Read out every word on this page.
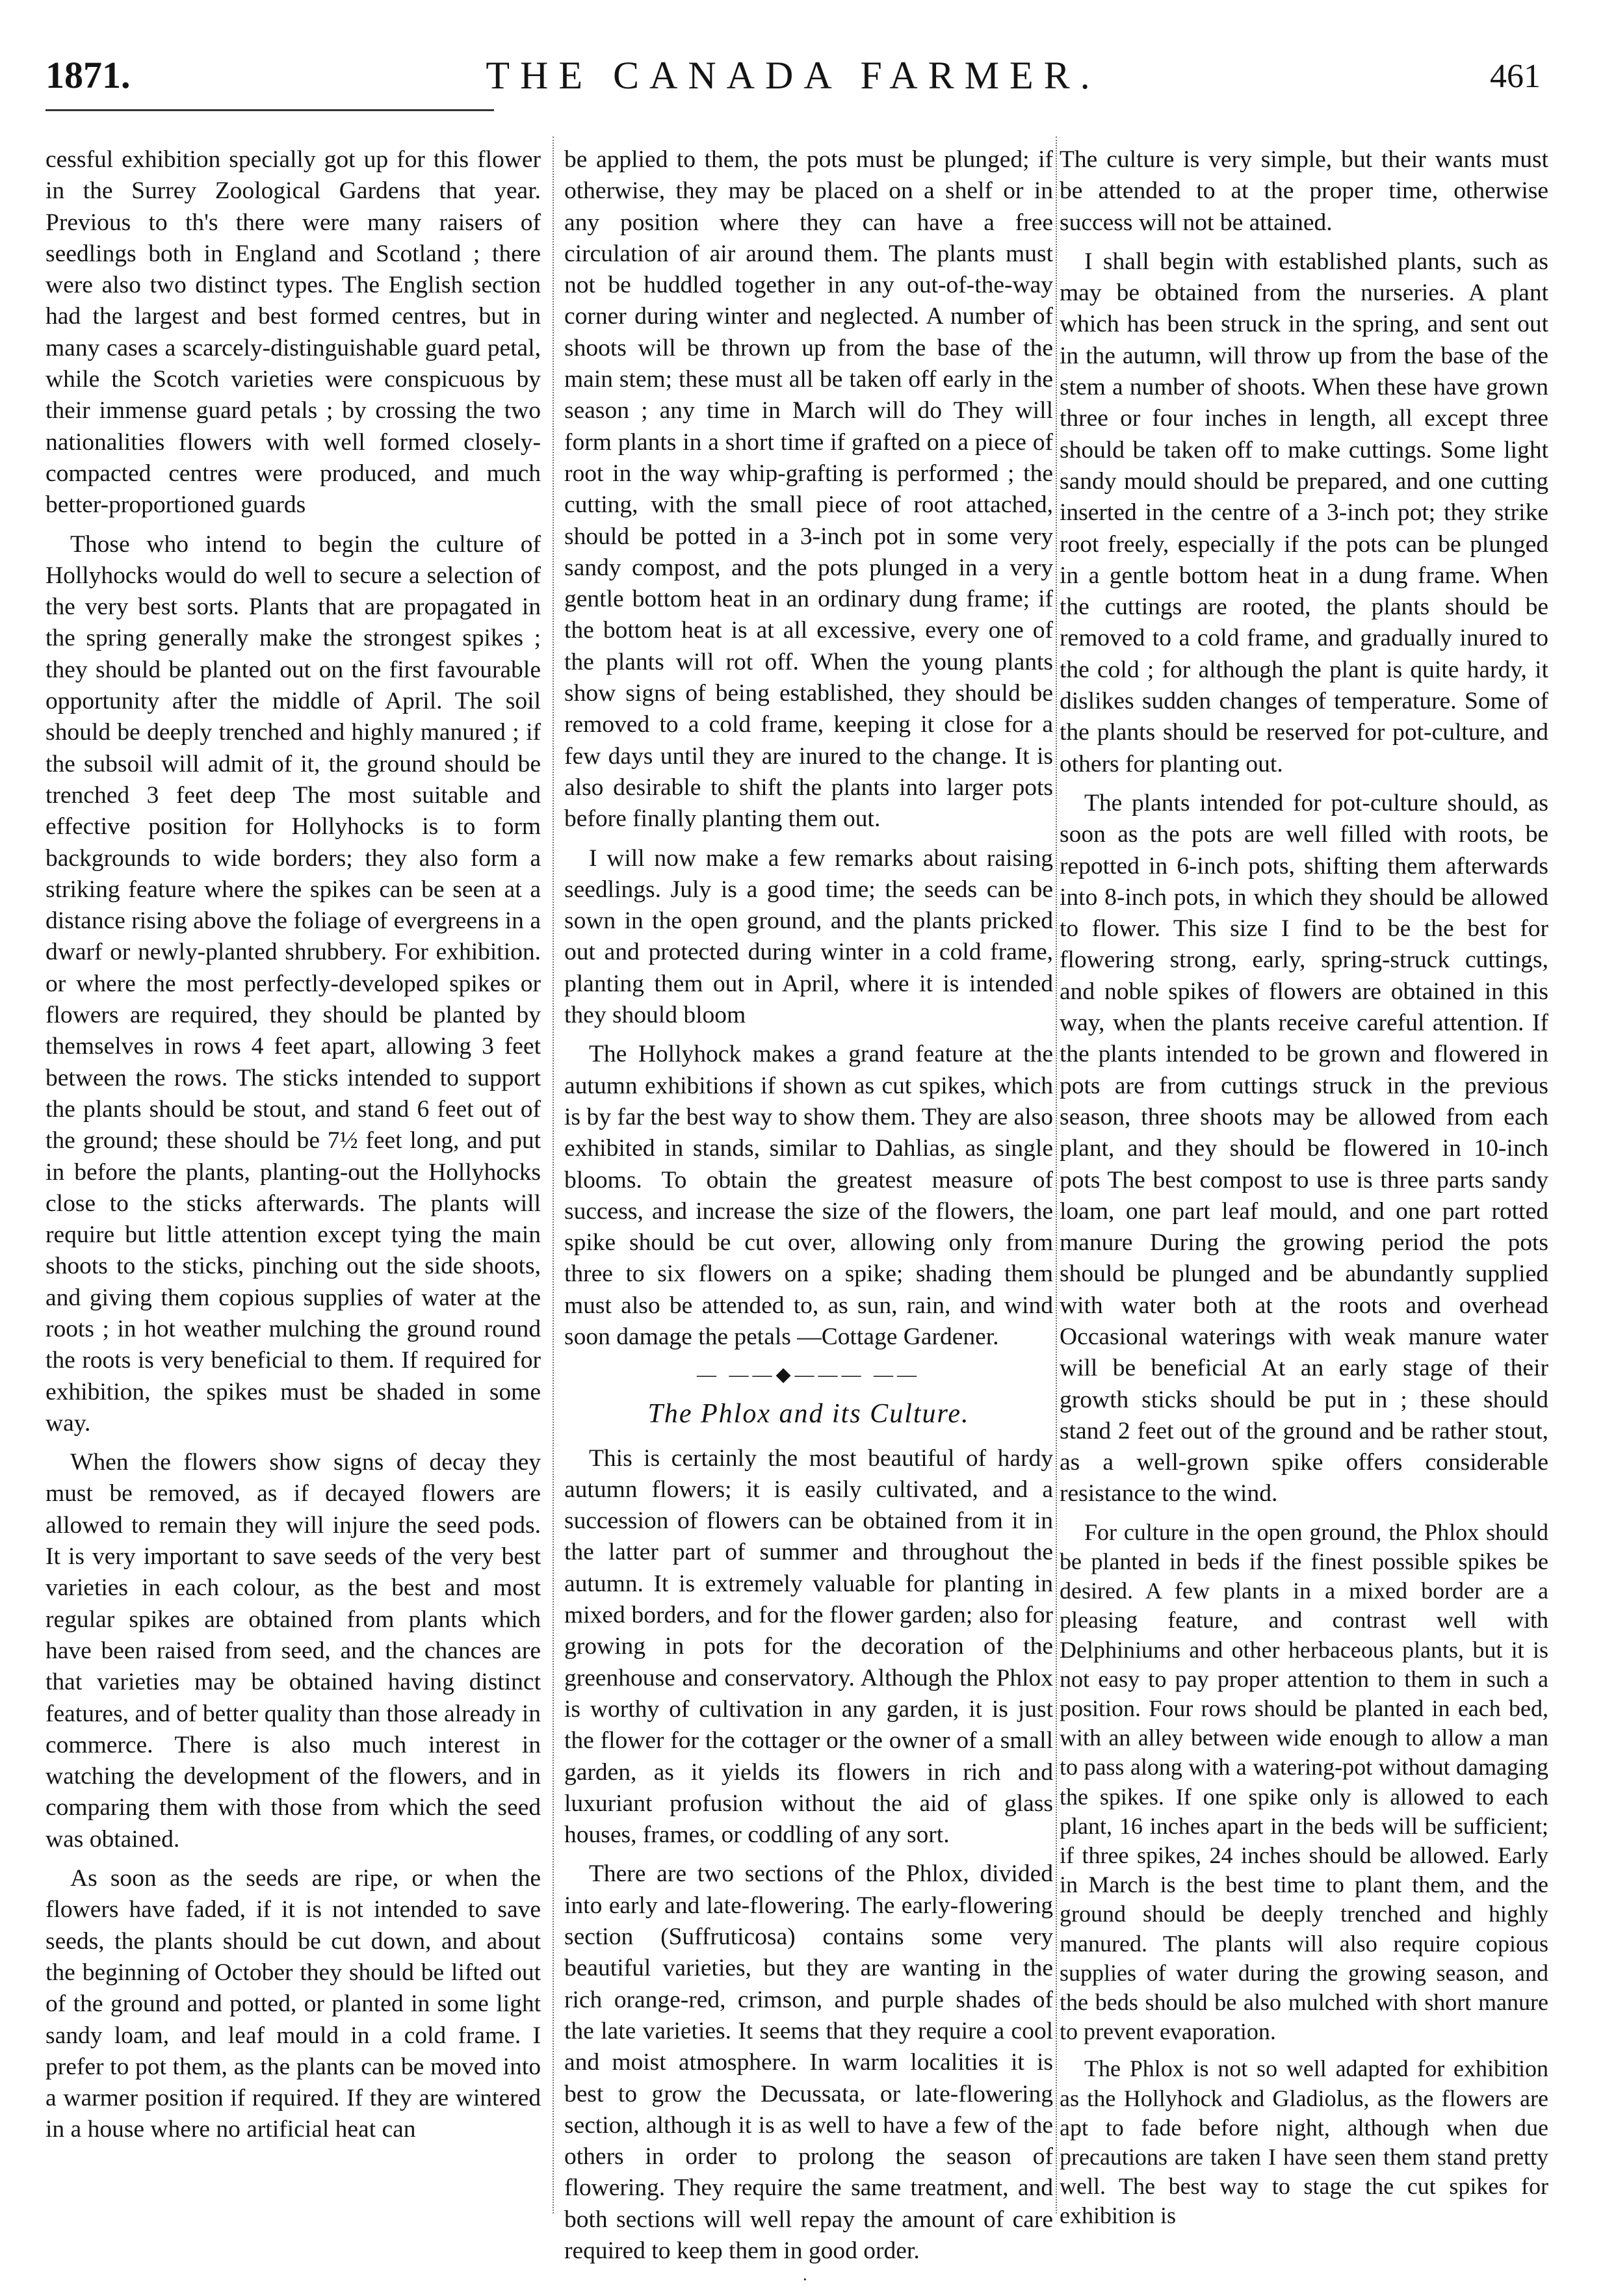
1871.	THE CANADA FARMER.	461

cessful exhibition specially got up for this flower in the Surrey Zoological Gardens that year. Previous to th's there were many raisers of seedlings both in England and Scotland ; there were also two distinct types. The English section had the largest and best formed centres, but in many cases a scarcely-distinguishable guard petal, while the Scotch varieties were conspicuous by their immense guard petals ; by crossing the two nationalities flowers with well formed closely-compacted centres were produced, and much better-proportioned guards

Those who intend to begin the culture of Hollyhocks would do well to secure a selection of the very best sorts. Plants that are propagated in the spring generally make the strongest spikes ; they should be planted out on the first favourable opportunity after the middle of April. The soil should be deeply trenched and highly manured ; if the subsoil will admit of it, the ground should be trenched 3 feet deep The most suitable and effective position for Hollyhocks is to form backgrounds to wide borders; they also form a striking feature where the spikes can be seen at a distance rising above the foliage of evergreens in a dwarf or newly-planted shrubbery. For exhibition. or where the most perfectly-developed spikes or flowers are required, they should be planted by themselves in rows 4 feet apart, allowing 3 feet between the rows. The sticks intended to support the plants should be stout, and stand 6 feet out of the ground; these should be 7½ feet long, and put in before the plants, planting-out the Hollyhocks close to the sticks afterwards. The plants will require but little attention except tying the main shoots to the sticks, pinching out the side shoots, and giving them copious supplies of water at the roots ; in hot weather mulching the ground round the roots is very beneficial to them. If required for exhibition, the spikes must be shaded in some way.

When the flowers show signs of decay they must be removed, as if decayed flowers are allowed to remain they will injure the seed pods. It is very important to save seeds of the very best varieties in each colour, as the best and most regular spikes are obtained from plants which have been raised from seed, and the chances are that varieties may be obtained having distinct features, and of better quality than those already in commerce. There is also much interest in watching the development of the flowers, and in comparing them with those from which the seed was obtained.

As soon as the seeds are ripe, or when the flowers have faded, if it is not intended to save seeds, the plants should be cut down, and about the beginning of October they should be lifted out of the ground and potted, or planted in some light sandy loam, and leaf mould in a cold frame. I prefer to pot them, as the plants can be moved into a warmer position if required. If they are wintered in a house where no artificial heat can

be applied to them, the pots must be plunged; if otherwise, they may be placed on a shelf or in any position where they can have a free circulation of air around them. The plants must not be huddled together in any out-of-the-way corner during winter and neglected. A number of shoots will be thrown up from the base of the main stem; these must all be taken off early in the season ; any time in March will do They will form plants in a short time if grafted on a piece of root in the way whip-grafting is performed ; the cutting, with the small piece of root attached, should be potted in a 3-inch pot in some very sandy compost, and the pots plunged in a very gentle bottom heat in an ordinary dung frame; if the bottom heat is at all excessive, every one of the plants will rot off. When the young plants show signs of being established, they should be removed to a cold frame, keeping it close for a few days until they are inured to the change. It is also desirable to shift the plants into larger pots before finally planting them out.

I will now make a few remarks about raising seedlings. July is a good time; the seeds can be sown in the open ground, and the plants pricked out and protected during winter in a cold frame, planting them out in April, where it is intended they should bloom

The Hollyhock makes a grand feature at the autumn exhibitions if shown as cut spikes, which is by far the best way to show them. They are also exhibited in stands, similar to Dahlias, as single blooms. To obtain the greatest measure of success, and increase the size of the flowers, the spike should be cut over, allowing only from three to six flowers on a spike; shading them must also be attended to, as sun, rain, and wind soon damage the petals —Cottage Gardener.

— ——◆——— ——
The Phlox and its Culture.

This is certainly the most beautiful of hardy autumn flowers; it is easily cultivated, and a succession of flowers can be obtained from it in the latter part of summer and throughout the autumn. It is extremely valuable for planting in mixed borders, and for the flower garden; also for growing in pots for the decoration of the greenhouse and conservatory. Although the Phlox is worthy of cultivation in any garden, it is just the flower for the cottager or the owner of a small garden, as it yields its flowers in rich and luxuriant profusion without the aid of glass houses, frames, or coddling of any sort.

There are two sections of the Phlox, divided into early and late-flowering. The early-flowering section (Suffruticosa) contains some very beautiful varieties, but they are wanting in the rich orange-red, crimson, and purple shades of the late varieties. It seems that they require a cool and moist atmosphere. In warm localities it is best to grow the Decussata, or late-flowering section, although it is as well to have a few of the others in order to prolong the season of flowering. They require the same treatment, and both sections will well repay the amount of care required to keep them in good order.

The culture is very simple, but their wants must be attended to at the proper time, otherwise success will not be attained.

I shall begin with established plants, such as may be obtained from the nurseries. A plant which has been struck in the spring, and sent out in the autumn, will throw up from the base of the stem a number of shoots. When these have grown three or four inches in length, all except three should be taken off to make cuttings. Some light sandy mould should be prepared, and one cutting inserted in the centre of a 3-inch pot; they strike root freely, especially if the pots can be plunged in a gentle bottom heat in a dung frame. When the cuttings are rooted, the plants should be removed to a cold frame, and gradually inured to the cold ; for although the plant is quite hardy, it dislikes sudden changes of temperature. Some of the plants should be reserved for pot-culture, and others for planting out.

The plants intended for pot-culture should, as soon as the pots are well filled with roots, be repotted in 6-inch pots, shifting them afterwards into 8-inch pots, in which they should be allowed to flower. This size I find to be the best for flowering strong, early, spring-struck cuttings, and noble spikes of flowers are obtained in this way, when the plants receive careful attention. If the plants intended to be grown and flowered in pots are from cuttings struck in the previous season, three shoots may be allowed from each plant, and they should be flowered in 10-inch pots The best compost to use is three parts sandy loam, one part leaf mould, and one part rotted manure During the growing period the pots should be plunged and be abundantly supplied with water both at the roots and overhead Occasional waterings with weak manure water will be beneficial At an early stage of their growth sticks should be put in ; these should stand 2 feet out of the ground and be rather stout, as a well-grown spike offers considerable resistance to the wind.

For culture in the open ground, the Phlox should be planted in beds if the finest possible spikes be desired. A few plants in a mixed border are a pleasing feature, and contrast well with Delphiniums and other herbaceous plants, but it is not easy to pay proper attention to them in such a position. Four rows should be planted in each bed, with an alley between wide enough to allow a man to pass along with a watering-pot without damaging the spikes. If one spike only is allowed to each plant, 16 inches apart in the beds will be sufficient; if three spikes, 24 inches should be allowed. Early in March is the best time to plant them, and the ground should be deeply trenched and highly manured. The plants will also require copious supplies of water during the growing season, and the beds should be also mulched with short manure to prevent evaporation.

The Phlox is not so well adapted for exhibition as the Hollyhock and Gladiolus, as the flowers are apt to fade before night, although when due precautions are taken I have seen them stand pretty well. The best way to stage the cut spikes for exhibition is

·
